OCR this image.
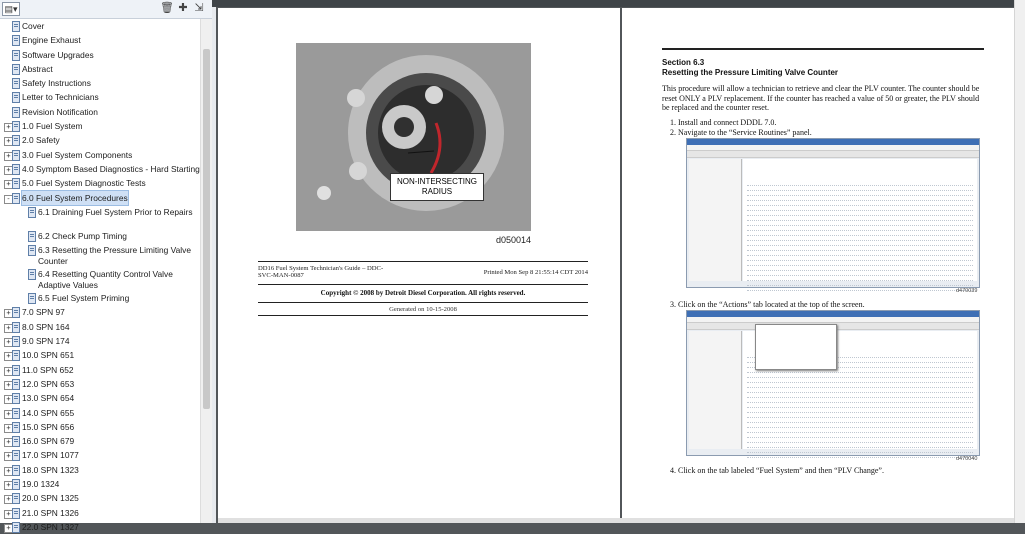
▤▾	🗑 ✚ ⇲
Cover
Engine Exhaust
Software Upgrades
Abstract
Safety Instructions
Letter to Technicians
Revision Notification
+ 1.0 Fuel System
+ 2.0 Safety
+ 3.0 Fuel System Components
+ 4.0 Symptom Based Diagnostics - Hard Starting
+ 5.0 Fuel System Diagnostic Tests
- 6.0 Fuel System Procedures
6.1 Draining Fuel System Prior to Repairs
6.2 Check Pump Timing
6.3 Resetting the Pressure Limiting Valve Counter
6.4 Resetting Quantity Control Valve Adaptive Values
6.5 Fuel System Priming
+ 7.0 SPN 97
+ 8.0 SPN 164
+ 9.0 SPN 174
+ 10.0 SPN 651
+ 11.0 SPN 652
+ 12.0 SPN 653
+ 13.0 SPN 654
+ 14.0 SPN 655
+ 15.0 SPN 656
+ 16.0 SPN 679
+ 17.0 SPN 1077
+ 18.0 SPN 1323
+ 19.0 1324
+ 20.0 SPN 1325
+ 21.0 SPN 1326
+ 22.0 SPN 1327
NON-INTERSECTING RADIUS
d050014
DD16 Fuel System Technician's Guide – DDC-SVC-MAN-0087	Printed Mon Sep 8 21:55:14 CDT 2014
Copyright © 2008 by Detroit Diesel Corporation. All rights reserved.
Generated on 10-15-2008
Section 6.3
Resetting the Pressure Limiting Valve Counter
This procedure will allow a technician to retrieve and clear the PLV counter. The counter should be reset ONLY a PLV replacement. If the counter has reached a value of 50 or greater, the PLV should be replaced and the counter reset.
1. Install and connect DDDL 7.0.
2. Navigate to the “Service Routines” panel.
d470039
3. Click on the “Actions” tab located at the top of the screen.
d470040
4. Click on the tab labeled “Fuel System” and then “PLV Change”.
